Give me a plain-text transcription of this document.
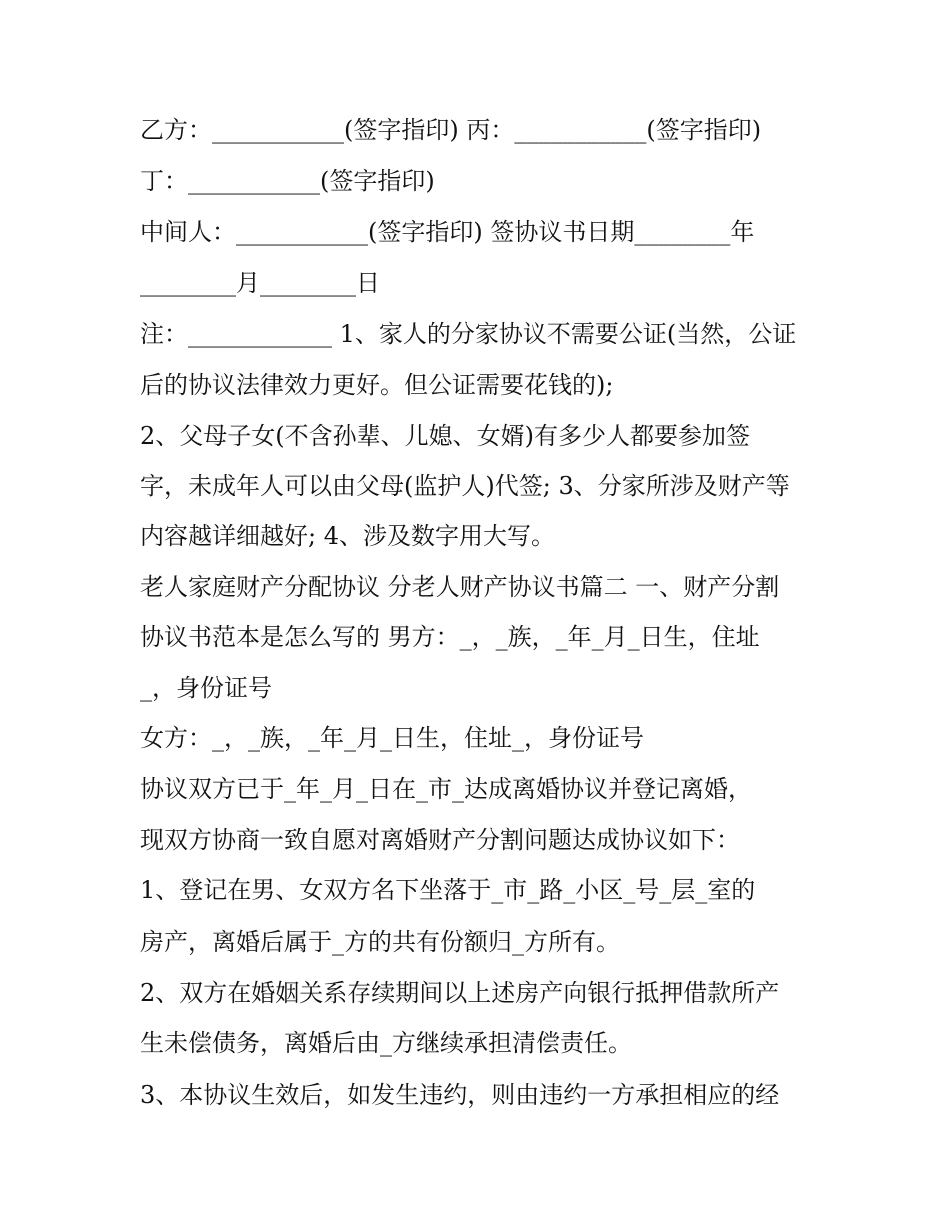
乙方：___________(签字指印) 丙：___________(签字指印)

丁：___________(签字指印)

中间人：___________(签字指印) 签协议书日期________年

________月________日

注：____________ 1、家人的分家协议不需要公证(当然，公证

后的协议法律效力更好。但公证需要花钱的);

2、父母子女(不含孙辈、儿媳、女婿)有多少人都要参加签

字，未成年人可以由父母(监护人)代签; 3、分家所涉及财产等

内容越详细越好; 4、涉及数字用大写。

老人家庭财产分配协议 分老人财产协议书篇二 一、财产分割

协议书范本是怎么写的 男方：_，_族，_年_月_日生，住址

_，身份证号

女方：_，_族，_年_月_日生，住址_，身份证号

协议双方已于_年_月_日在_市_达成离婚协议并登记离婚，

现双方协商一致自愿对离婚财产分割问题达成协议如下：

1、登记在男、女双方名下坐落于_市_路_小区_号_层_室的

房产，离婚后属于_方的共有份额归_方所有。

2、双方在婚姻关系存续期间以上述房产向银行抵押借款所产

生未偿债务，离婚后由_方继续承担清偿责任。

3、本协议生效后，如发生违约，则由违约一方承担相应的经
